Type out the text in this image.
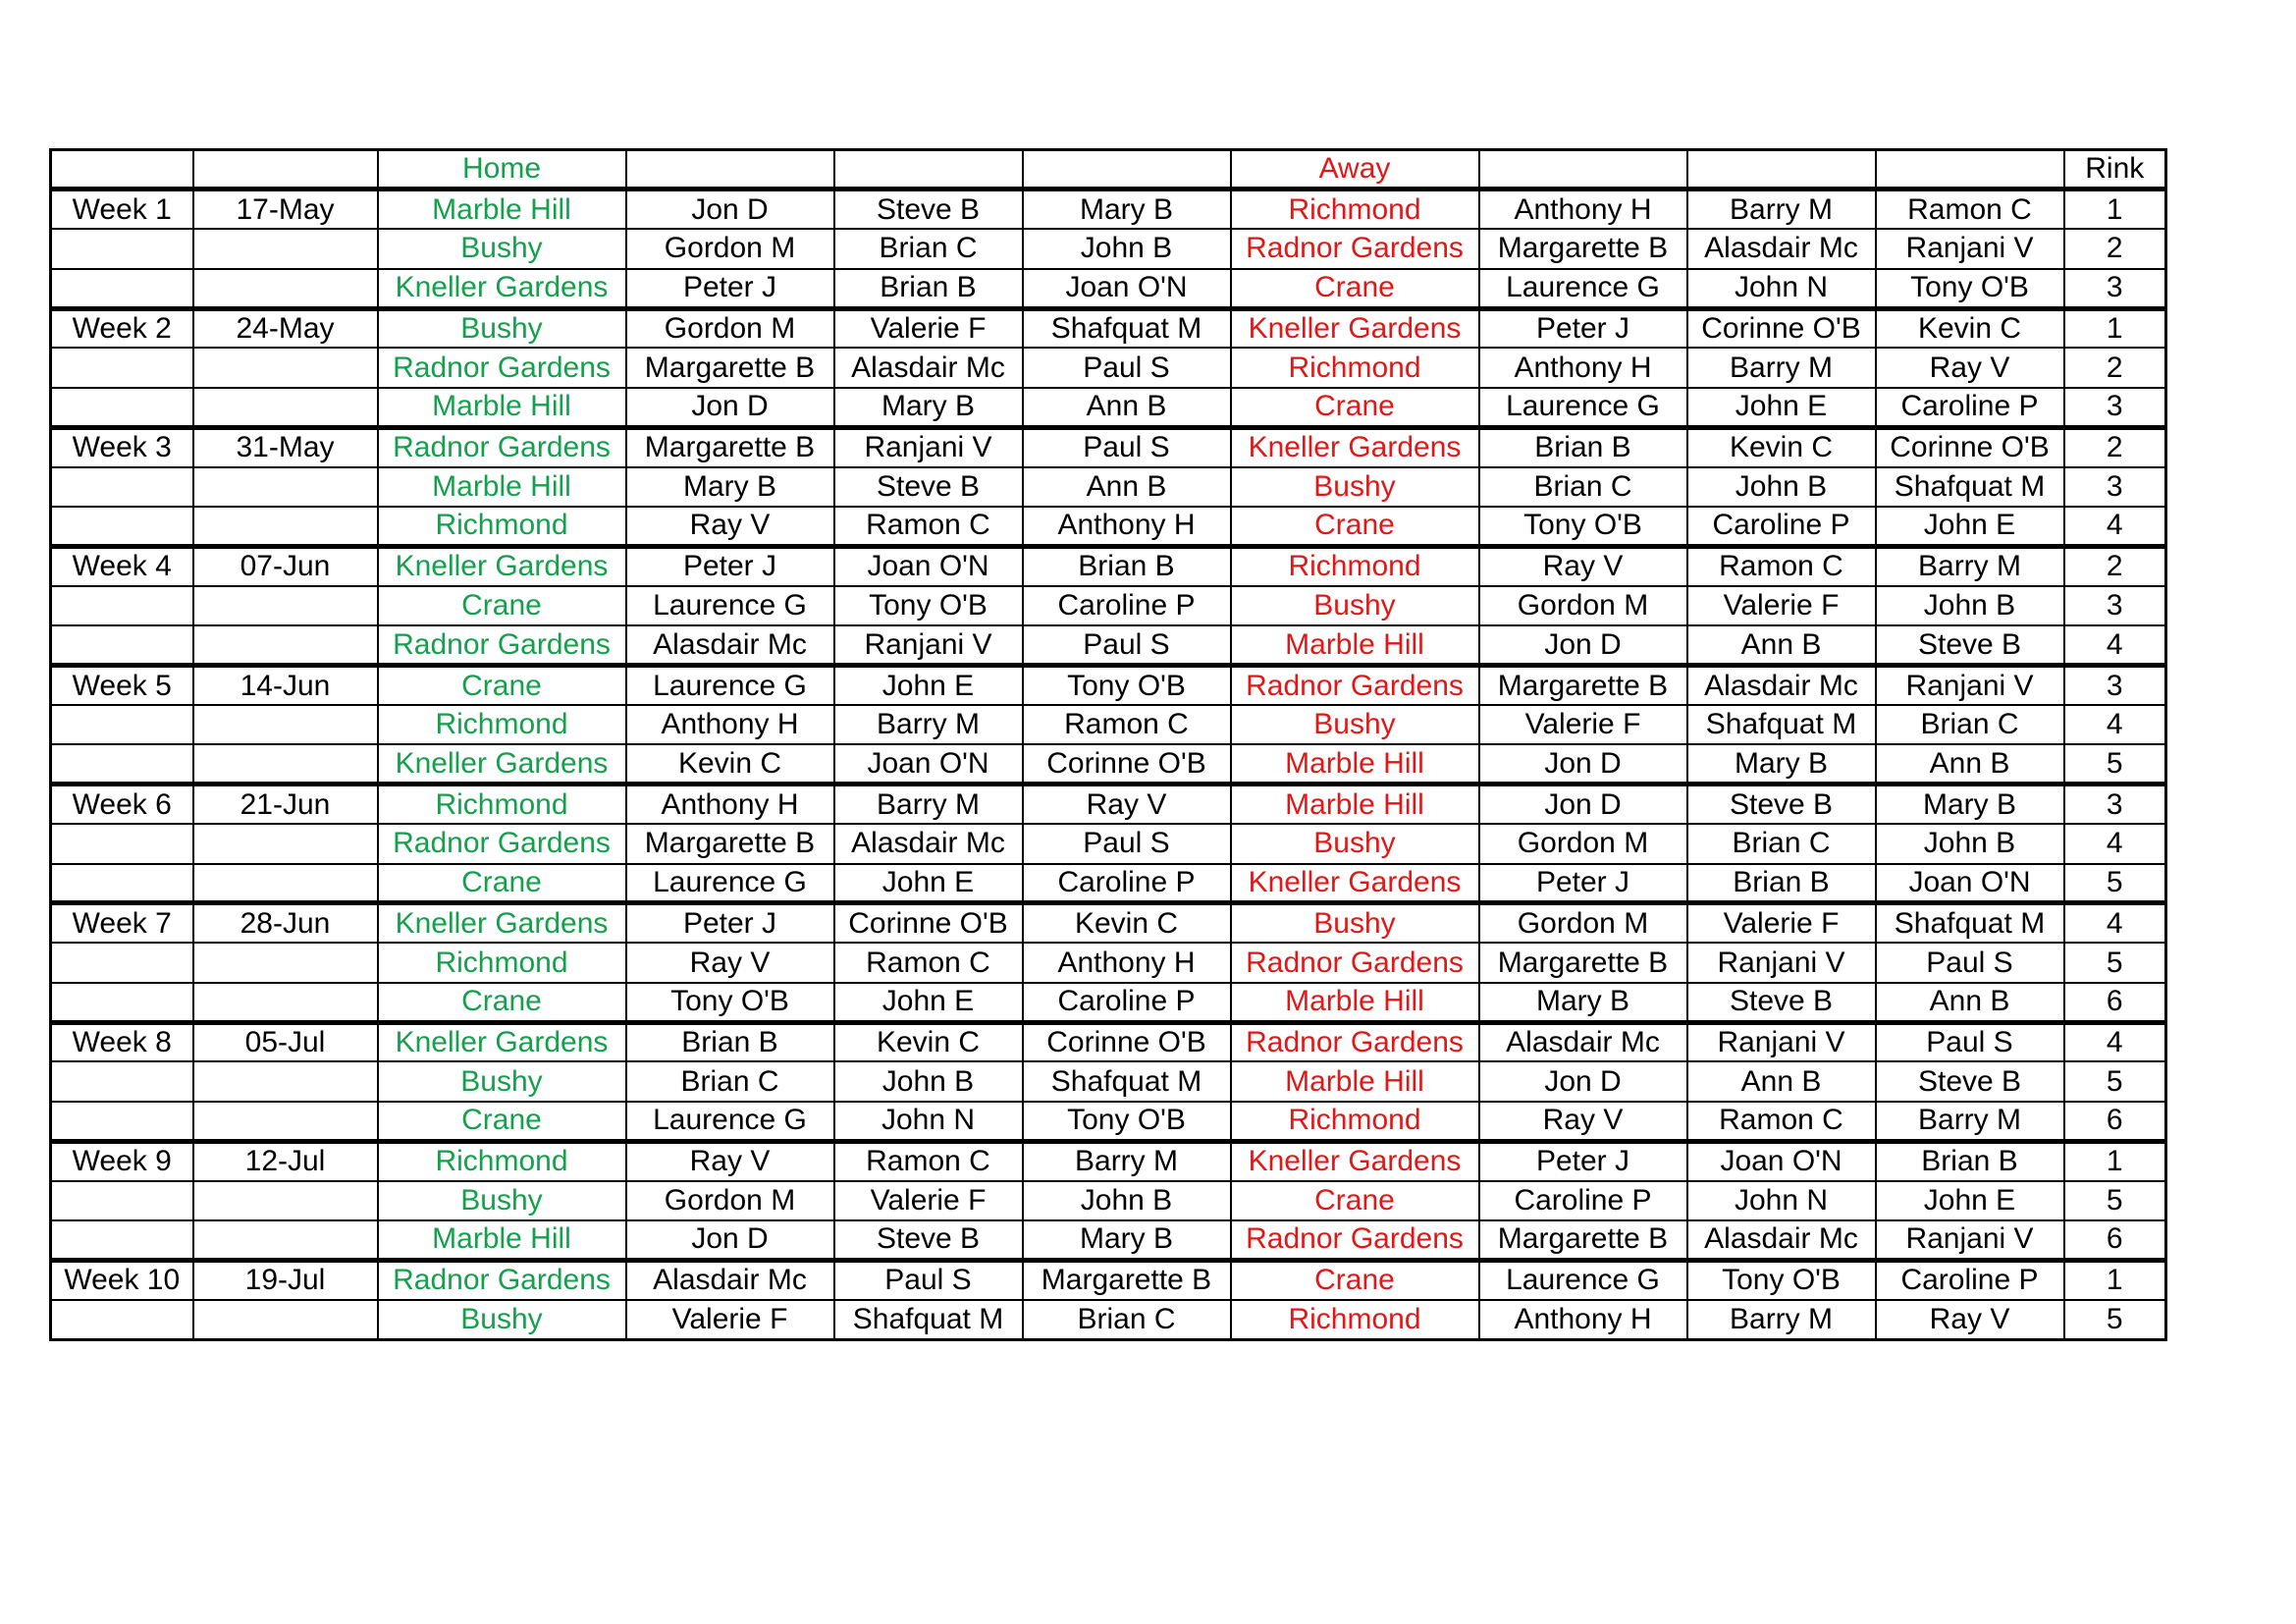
		Home				Away				Rink
Week 1	17-May	Marble Hill	Jon D	Steve B	Mary B	Richmond	Anthony H	Barry M	Ramon C	1
		Bushy	Gordon M	Brian C	John B	Radnor Gardens	Margarette B	Alasdair Mc	Ranjani V	2
		Kneller Gardens	Peter J	Brian B	Joan O'N	Crane	Laurence G	John N	Tony O'B	3
Week 2	24-May	Bushy	Gordon M	Valerie F	Shafquat M	Kneller Gardens	Peter J	Corinne O'B	Kevin C	1
		Radnor Gardens	Margarette B	Alasdair Mc	Paul S	Richmond	Anthony H	Barry M	Ray V	2
		Marble Hill	Jon D	Mary B	Ann B	Crane	Laurence G	John E	Caroline P	3
Week 3	31-May	Radnor Gardens	Margarette B	Ranjani V	Paul S	Kneller Gardens	Brian B	Kevin C	Corinne O'B	2
		Marble Hill	Mary B	Steve B	Ann B	Bushy	Brian C	John B	Shafquat M	3
		Richmond	Ray V	Ramon C	Anthony H	Crane	Tony O'B	Caroline P	John E	4
Week 4	07-Jun	Kneller Gardens	Peter J	Joan O'N	Brian B	Richmond	Ray V	Ramon C	Barry M	2
		Crane	Laurence G	Tony O'B	Caroline P	Bushy	Gordon M	Valerie F	John B	3
		Radnor Gardens	Alasdair Mc	Ranjani V	Paul S	Marble Hill	Jon D	Ann B	Steve B	4
Week 5	14-Jun	Crane	Laurence G	John E	Tony O'B	Radnor Gardens	Margarette B	Alasdair Mc	Ranjani V	3
		Richmond	Anthony H	Barry M	Ramon C	Bushy	Valerie F	Shafquat M	Brian C	4
		Kneller Gardens	Kevin C	Joan O'N	Corinne O'B	Marble Hill	Jon D	Mary B	Ann B	5
Week 6	21-Jun	Richmond	Anthony H	Barry M	Ray V	Marble Hill	Jon D	Steve B	Mary B	3
		Radnor Gardens	Margarette B	Alasdair Mc	Paul S	Bushy	Gordon M	Brian C	John B	4
		Crane	Laurence G	John E	Caroline P	Kneller Gardens	Peter J	Brian B	Joan O'N	5
Week 7	28-Jun	Kneller Gardens	Peter J	Corinne O'B	Kevin C	Bushy	Gordon M	Valerie F	Shafquat M	4
		Richmond	Ray V	Ramon C	Anthony H	Radnor Gardens	Margarette B	Ranjani V	Paul S	5
		Crane	Tony O'B	John E	Caroline P	Marble Hill	Mary B	Steve B	Ann B	6
Week 8	05-Jul	Kneller Gardens	Brian B	Kevin C	Corinne O'B	Radnor Gardens	Alasdair Mc	Ranjani V	Paul S	4
		Bushy	Brian C	John B	Shafquat M	Marble Hill	Jon D	Ann B	Steve B	5
		Crane	Laurence G	John N	Tony O'B	Richmond	Ray V	Ramon C	Barry M	6
Week 9	12-Jul	Richmond	Ray V	Ramon C	Barry M	Kneller Gardens	Peter J	Joan O'N	Brian B	1
		Bushy	Gordon M	Valerie F	John B	Crane	Caroline P	John N	John E	5
		Marble Hill	Jon D	Steve B	Mary B	Radnor Gardens	Margarette B	Alasdair Mc	Ranjani V	6
Week 10	19-Jul	Radnor Gardens	Alasdair Mc	Paul S	Margarette B	Crane	Laurence G	Tony O'B	Caroline P	1
		Bushy	Valerie F	Shafquat M	Brian C	Richmond	Anthony H	Barry M	Ray V	5
